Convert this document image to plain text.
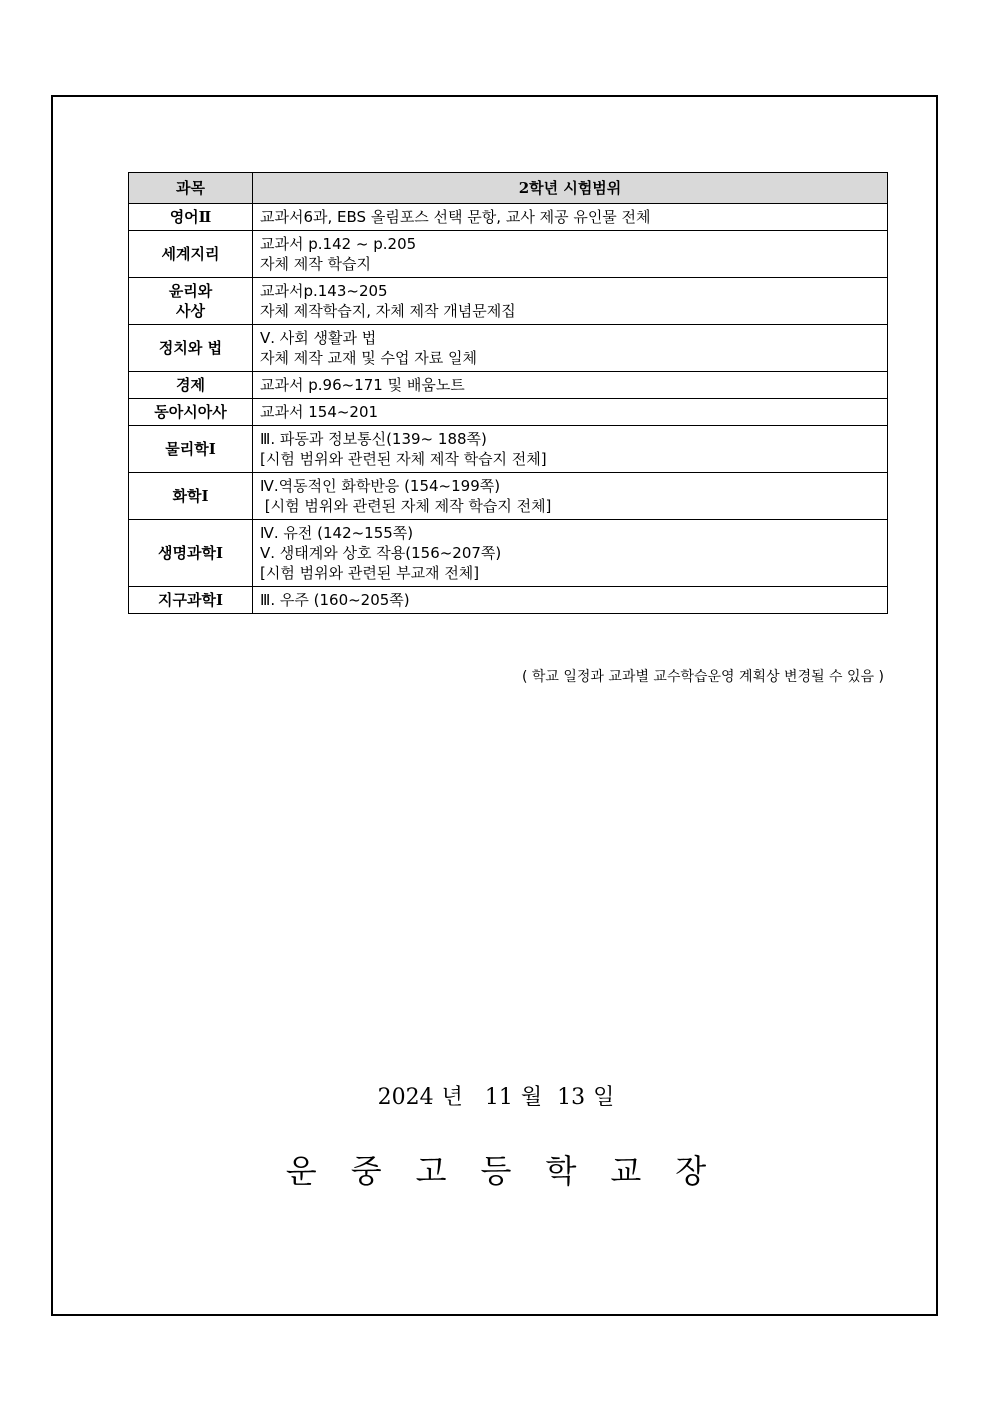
과목	2학년 시험범위

영어Ⅱ	교과서6과, EBS 올림포스 선택 문항, 교사 제공 유인물 전체

세계지리	교과서 p.142 ~ p.205
자체 제작 학습지

윤리와
사상	교과서p.143~205
자체 제작학습지, 자체 제작 개념문제집

정치와 법	Ⅴ. 사회 생활과 법
자체 제작 교재 및 수업 자료 일체

경제	교과서 p.96~171 및 배움노트

동아시아사	교과서 154~201

물리학Ⅰ	Ⅲ. 파동과 정보통신(139~ 188쪽)
[시험 범위와 관련된 자체 제작 학습지 전체]

화학Ⅰ	Ⅳ.역동적인 화학반응 (154~199쪽)
[시험 범위와 관련된 자체 제작 학습지 전체]

생명과학Ⅰ	Ⅳ. 유전 (142~155쪽)
Ⅴ. 생태계와 상호 작용(156~207쪽)
[시험 범위와 관련된 부교재 전체]

지구과학Ⅰ	Ⅲ. 우주 (160~205쪽)
( 학교 일정과 교과별 교수학습운영 계획상 변경될 수 있음 )
2024 년 11 월 13 일
운중고등학교장
